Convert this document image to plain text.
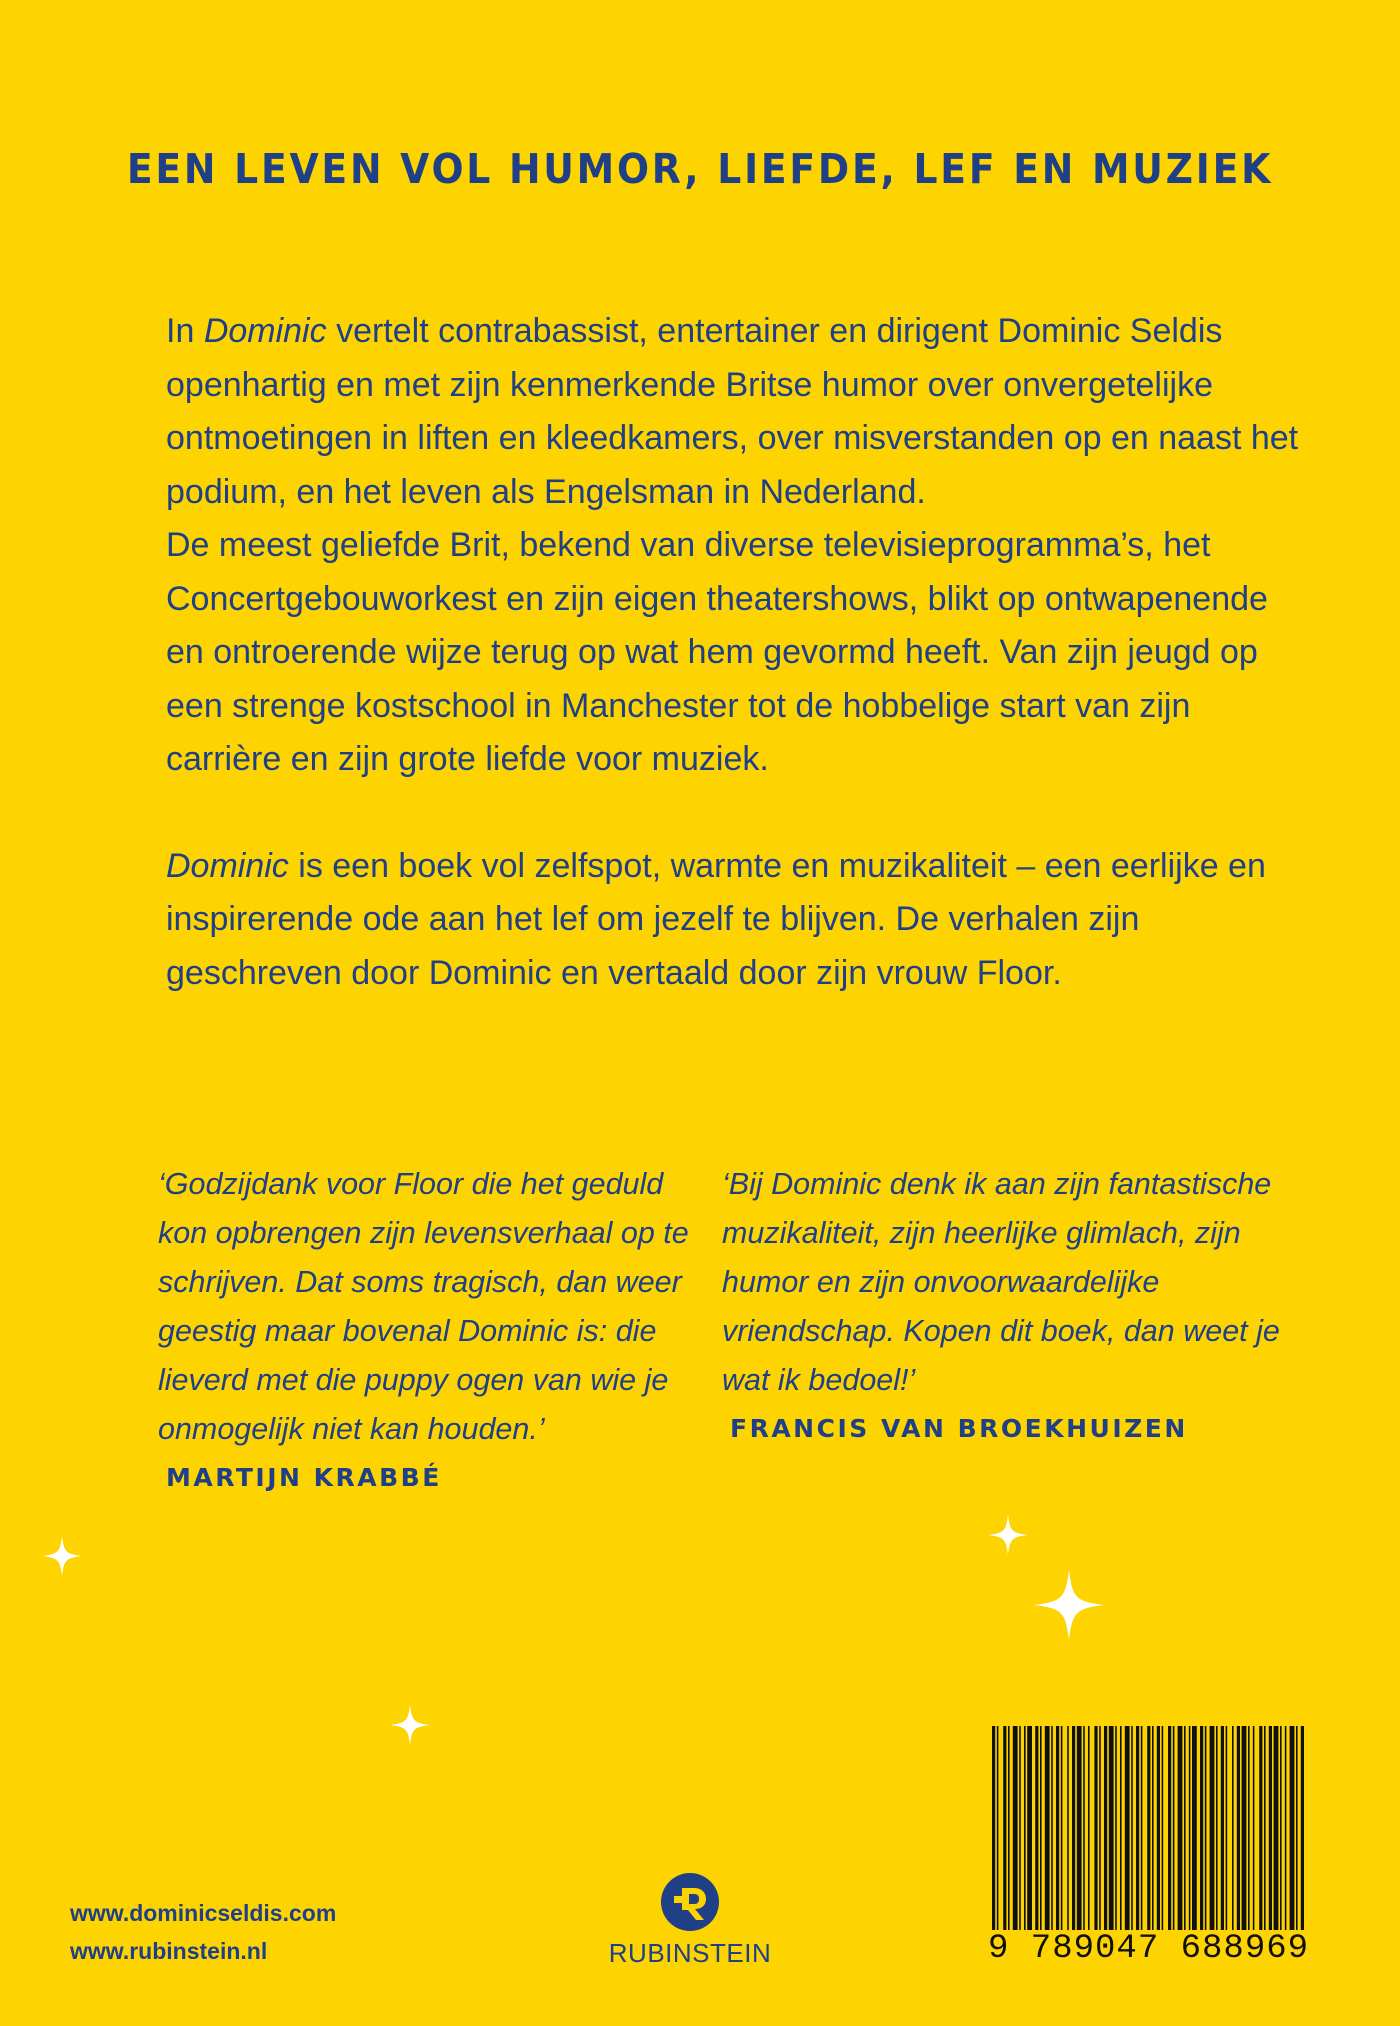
EEN LEVEN VOL HUMOR, LIEFDE, LEF EN MUZIEK

In Dominic vertelt contrabassist, entertainer en dirigent Dominic Seldis openhartig en met zijn kenmerkende Britse humor over onvergetelijke ontmoetingen in liften en kleedkamers, over misverstanden op en naast het podium, en het leven als Engelsman in Nederland.

De meest geliefde Brit, bekend van diverse televisieprogramma’s, het Concertgebouworkest en zijn eigen theatershows, blikt op ontwapenende en ontroerende wijze terug op wat hem gevormd heeft. Van zijn jeugd op een strenge kostschool in Manchester tot de hobbelige start van zijn carrière en zijn grote liefde voor muziek.

Dominic is een boek vol zelfspot, warmte en muzikaliteit – een eerlijke en inspirerende ode aan het lef om jezelf te blijven. De verhalen zijn geschreven door Dominic en vertaald door zijn vrouw Floor.

‘Godzijdank voor Floor die het geduld kon opbrengen zijn levensverhaal op te schrijven. Dat soms tragisch, dan weer geestig maar bovenal Dominic is: die lieverd met die puppy ogen van wie je onmogelijk niet kan houden.’

MARTIJN KRABBÉ

‘Bij Dominic denk ik aan zijn fantastische muzikaliteit, zijn heerlijke glimlach, zijn humor en zijn onvoorwaardelijke vriendschap. Kopen dit boek, dan weet je wat ik bedoel!’

FRANCIS VAN BROEKHUIZEN
www.dominicseldis.com
www.rubinstein.nl	RUBINSTEIN	9 789047 688969
